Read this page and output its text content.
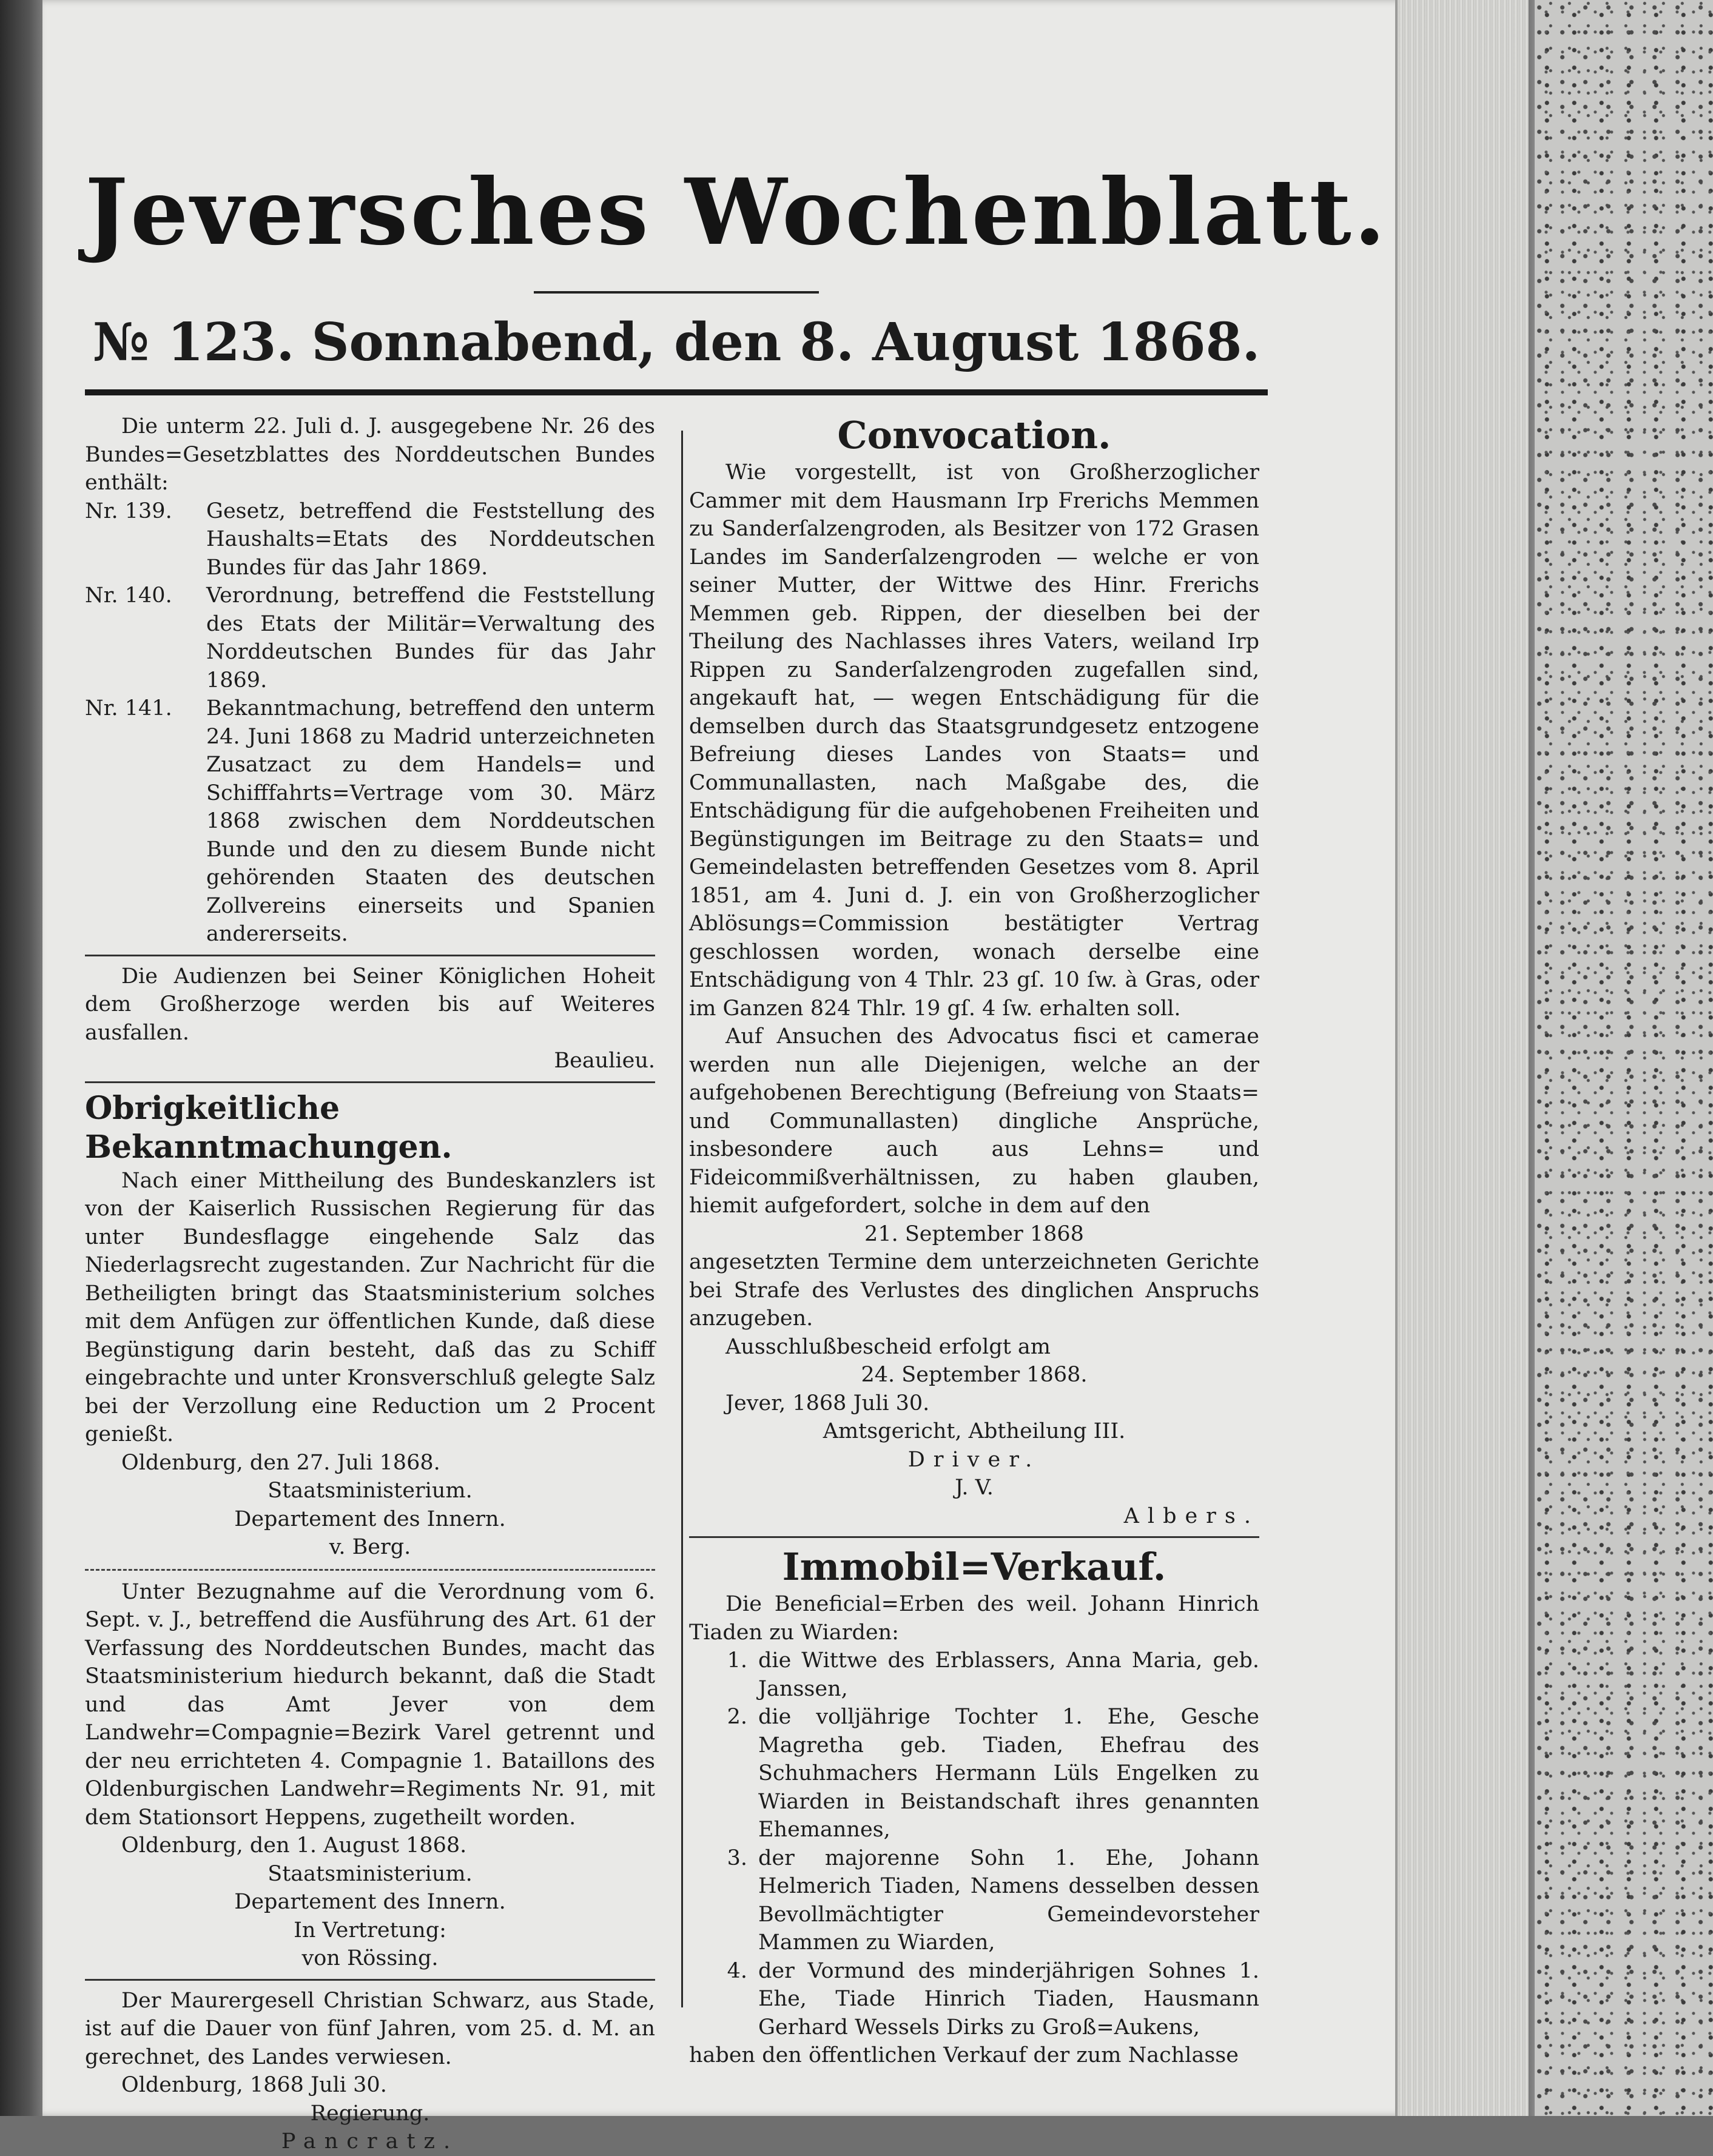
Jeversches Wochenblatt.
№ 123. Sonnabend, den 8. August 1868.

Die unterm 22. Juli d. J. ausgegebene Nr. 26 des Bundes=Gesetzblattes des Norddeutschen Bundes enthält:

Nr. 139.	Gesetz, betreffend die Feststellung des Haushalts=Etats des Norddeutschen Bundes für das Jahr 1869.
Nr. 140.	Verordnung, betreffend die Feststellung des Etats der Militär=Verwaltung des Norddeutschen Bundes für das Jahr 1869.
Nr. 141.	Bekanntmachung, betreffend den unterm 24. Juni 1868 zu Madrid unterzeichneten Zusatzact zu dem Handels= und Schifffahrts=Vertrage vom 30. März 1868 zwischen dem Norddeutschen Bunde und den zu diesem Bunde nicht gehörenden Staaten des deutschen Zollvereins einerseits und Spanien andererseits.

Die Audienzen bei Seiner Königlichen Hoheit dem Großherzoge werden bis auf Weiteres ausfallen.

Beaulieu.

Obrigkeitliche Bekanntmachungen.

Nach einer Mittheilung des Bundeskanzlers ist von der Kaiserlich Russischen Regierung für das unter Bundesflagge eingehende Salz das Niederlagsrecht zugestanden. Zur Nachricht für die Betheiligten bringt das Staatsministerium solches mit dem Anfügen zur öffentlichen Kunde, daß diese Begünstigung darin besteht, daß das zu Schiff eingebrachte und unter Kronsverschluß gelegte Salz bei der Verzollung eine Reduction um 2 Procent genießt.

Oldenburg, den 27. Juli 1868.

Staatsministerium.

Departement des Innern.

v. Berg.

Unter Bezugnahme auf die Verordnung vom 6. Sept. v. J., betreffend die Ausführung des Art. 61 der Verfassung des Norddeutschen Bundes, macht das Staatsministerium hiedurch bekannt, daß die Stadt und das Amt Jever von dem Landwehr=Compagnie=Bezirk Varel getrennt und der neu errichteten 4. Compagnie 1. Bataillons des Oldenburgischen Landwehr=Regiments Nr. 91, mit dem Stationsort Heppens, zugetheilt worden.

Oldenburg, den 1. August 1868.

Staatsministerium.

Departement des Innern.

In Vertretung:

von Rössing.

Der Maurergesell Christian Schwarz, aus Stade, ist auf die Dauer von fünf Jahren, vom 25. d. M. an gerechnet, des Landes verwiesen.

Oldenburg, 1868 Juli 30.

Regierung.

Pancratz.

Convocation.

Wie vorgestellt, ist von Großherzoglicher Cammer mit dem Hausmann Irp Frerichs Memmen zu Sanderſalzengroden, als Besitzer von 172 Grasen Landes im Sanderſalzengroden — welche er von seiner Mutter, der Wittwe des Hinr. Frerichs Memmen geb. Rippen, der dieselben bei der Theilung des Nachlasses ihres Vaters, weiland Irp Rippen zu Sanderſalzengroden zugefallen sind, angekauft hat, — wegen Entschädigung für die demselben durch das Staatsgrundgesetz entzogene Befreiung dieses Landes von Staats= und Communallasten, nach Maßgabe des, die Entschädigung für die aufgehobenen Freiheiten und Begünstigungen im Beitrage zu den Staats= und Gemeindelasten betreffenden Gesetzes vom 8. April 1851, am 4. Juni d. J. ein von Großherzoglicher Ablösungs=Commission bestätigter Vertrag geschlossen worden, wonach derselbe eine Entschädigung von 4 Thlr. 23 gſ. 10 ſw. à Gras, oder im Ganzen 824 Thlr. 19 gſ. 4 ſw. erhalten soll.

Auf Ansuchen des Advocatus fisci et camerae werden nun alle Diejenigen, welche an der aufgehobenen Berechtigung (Befreiung von Staats= und Communallasten) dingliche Ansprüche, insbesondere auch aus Lehns= und Fideicommißverhältnissen, zu haben glauben, hiemit aufgefordert, solche in dem auf den

21. September 1868

angesetzten Termine dem unterzeichneten Gerichte bei Strafe des Verlustes des dinglichen Anspruchs anzugeben.

Ausschlußbescheid erfolgt am

24. September 1868.

Jever, 1868 Juli 30.

Amtsgericht, Abtheilung III.

Driver.

J. V.

Albers.

Immobil=Verkauf.

Die Beneficial=Erben des weil. Johann Hinrich Tiaden zu Wiarden:

1. die Wittwe des Erblassers, Anna Maria, geb. Janssen,
2. die volljährige Tochter 1. Ehe, Gesche Magretha geb. Tiaden, Ehefrau des Schuhmachers Hermann Lüls Engelken zu Wiarden in Beistandschaft ihres genannten Ehemannes,
3. der majorenne Sohn 1. Ehe, Johann Helmerich Tiaden, Namens desselben dessen Bevollmächtigter Gemeindevorsteher Mammen zu Wiarden,
4. der Vormund des minderjährigen Sohnes 1. Ehe, Tiade Hinrich Tiaden, Hausmann Gerhard Wessels Dirks zu Groß=Aukens,

haben den öffentlichen Verkauf der zum Nachlasse
